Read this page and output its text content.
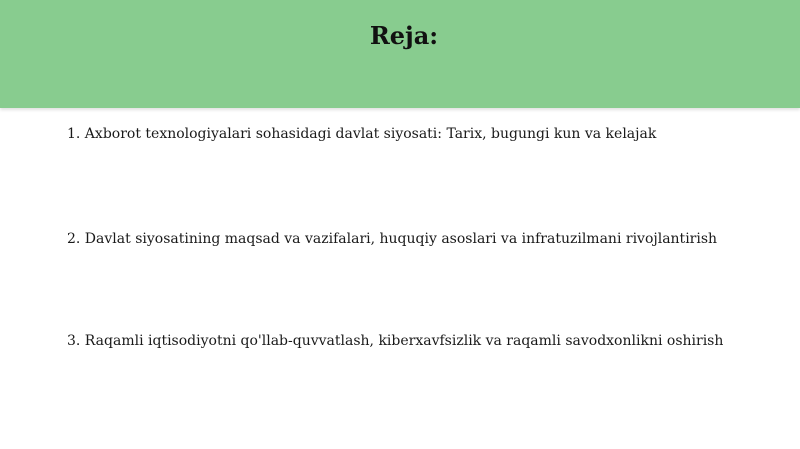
Reja:
1. Axborot texnologiyalari sohasidagi davlat siyosati: Tarix, bugungi kun va kelajak
2. Davlat siyosatining maqsad va vazifalari, huquqiy asoslari va infratuzilmani rivojlantirish
3. Raqamli iqtisodiyotni qo'llab-quvvatlash, kiberxavfsizlik va raqamli savodxonlikni oshirish
